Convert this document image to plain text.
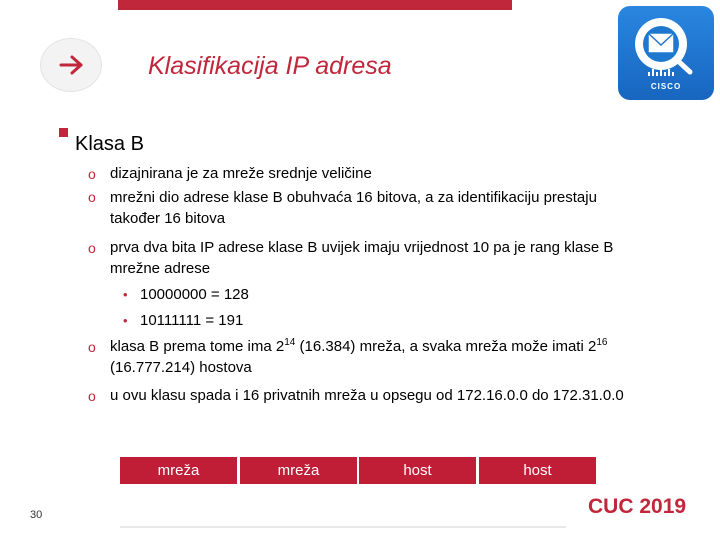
Klasifikacija IP adresa
CISCO
Klasa B
o dizajnirana je za mreže srednje veličine
o mrežni dio adrese klase B obuhvaća 16 bitova, a za identifikaciju prestaju
također 16 bitova
o prva dva bita IP adrese klase B uvijek imaju vrijednost 10 pa je rang klase B
mrežne adrese
• 10000000 = 128
• 10111111 = 191
o klasa B prema tome ima $2^{14}$ (16.384) mreža, a svaka mreža može imati $2^{16}$
(16.777.214) hostova
o u ovu klasu spada i 16 privatnih mreža u opsegu od 172.16.0.0 do 172.31.0.0
mreža	mreža	host	host
30	CUC 2019
